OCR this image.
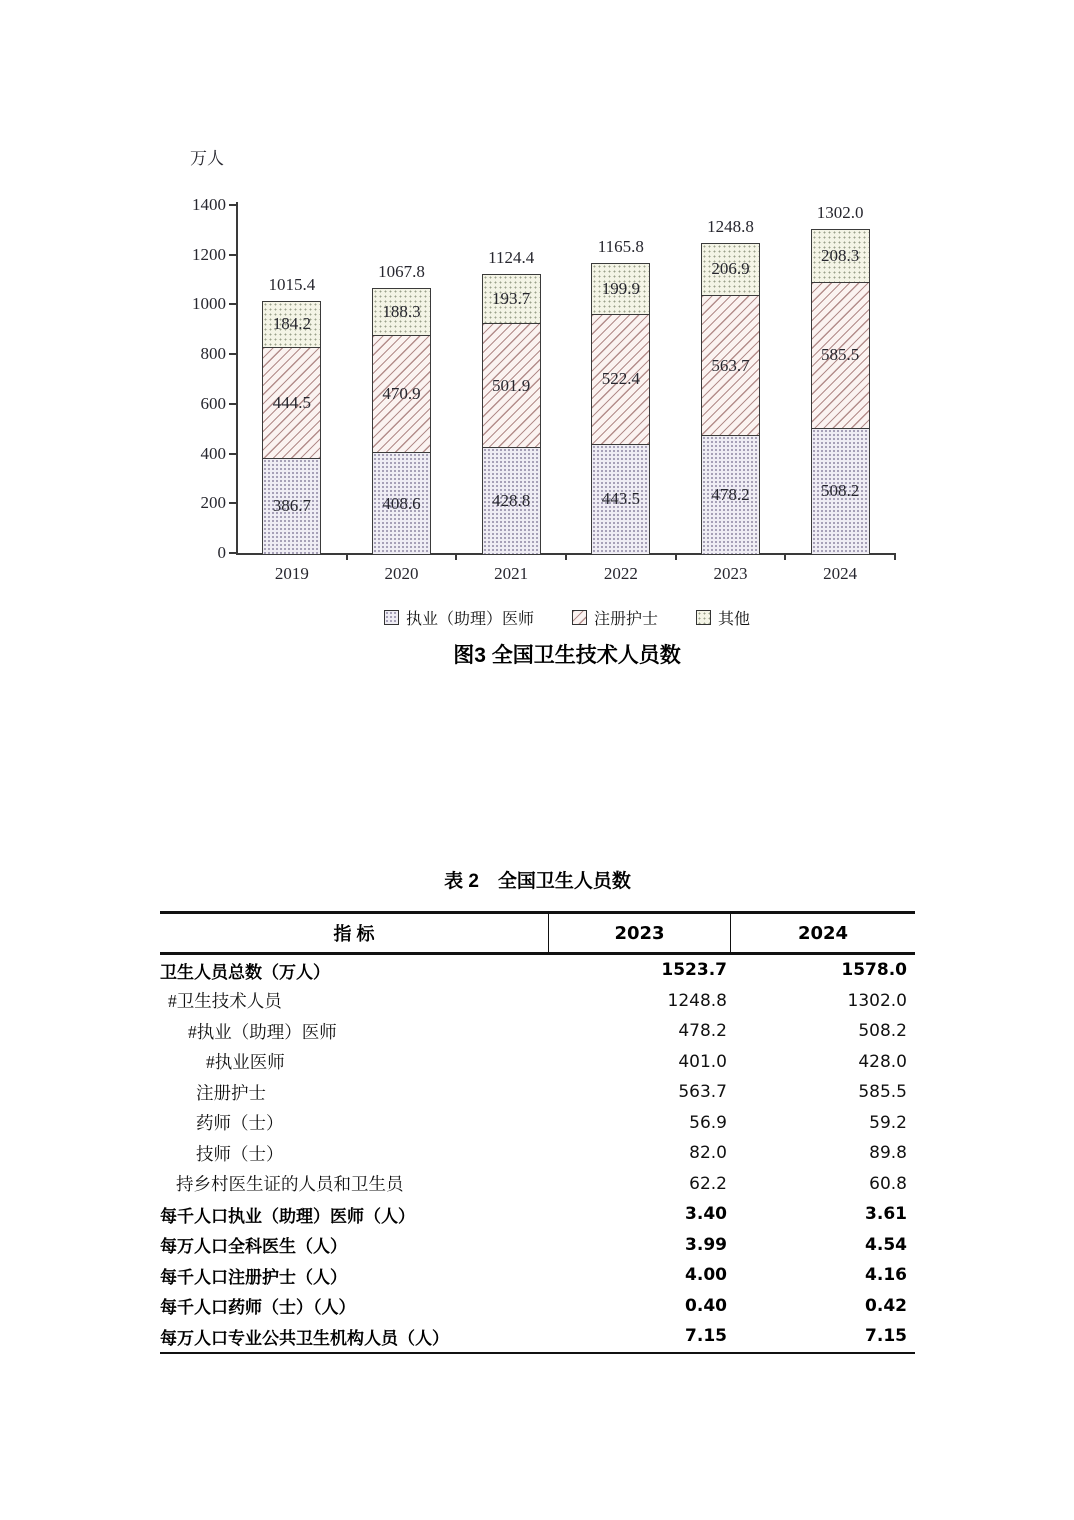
万人
执业（助理）医师	注册护士	其他
图3 全国卫生技术人员数
0
200
400
600
800
1000
1200
1400
184.2
444.5
386.7
1015.4
2019
188.3
470.9
408.6
1067.8
2020
193.7
501.9
428.8
1124.4
2021
199.9
522.4
443.5
1165.8
2022
206.9
563.7
478.2
1248.8
2023
208.3
585.5
508.2
1302.0
2024
表 2　全国卫生人员数
指 标	2023	2024
卫生人员总数（万人）	1523.7	1578.0
#卫生技术人员	1248.8	1302.0
#执业（助理）医师	478.2	508.2
#执业医师	401.0	428.0
注册护士	563.7	585.5
药师（士）	56.9	59.2
技师（士）	82.0	89.8
持乡村医生证的人员和卫生员	62.2	60.8
每千人口执业（助理）医师（人）	3.40	3.61
每万人口全科医生（人）	3.99	4.54
每千人口注册护士（人）	4.00	4.16
每千人口药师（士）（人）	0.40	0.42
每万人口专业公共卫生机构人员（人）	7.15	7.15
